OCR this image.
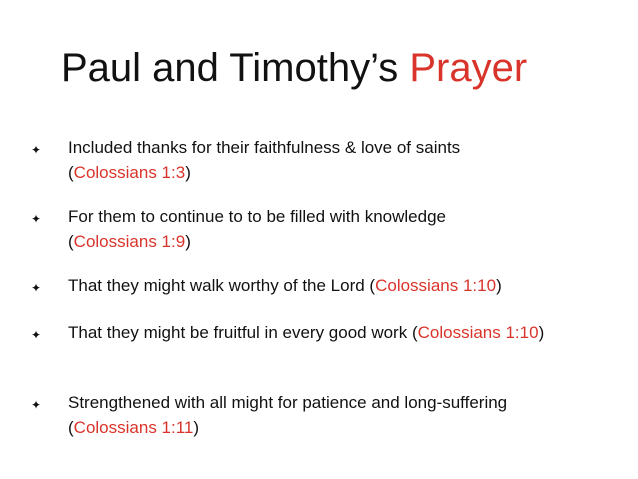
Paul and Timothy’s Prayer
✦ Included thanks for their faithfulness & love of saints
(Colossians 1:3)
✦ For them to continue to to be filled with knowledge
(Colossians 1:9)
✦ That they might walk worthy of the Lord (Colossians 1:10)
✦ That they might be fruitful in every good work (Colossians 1:10)
✦ Strengthened with all might for patience and long-suffering
(Colossians 1:11)
